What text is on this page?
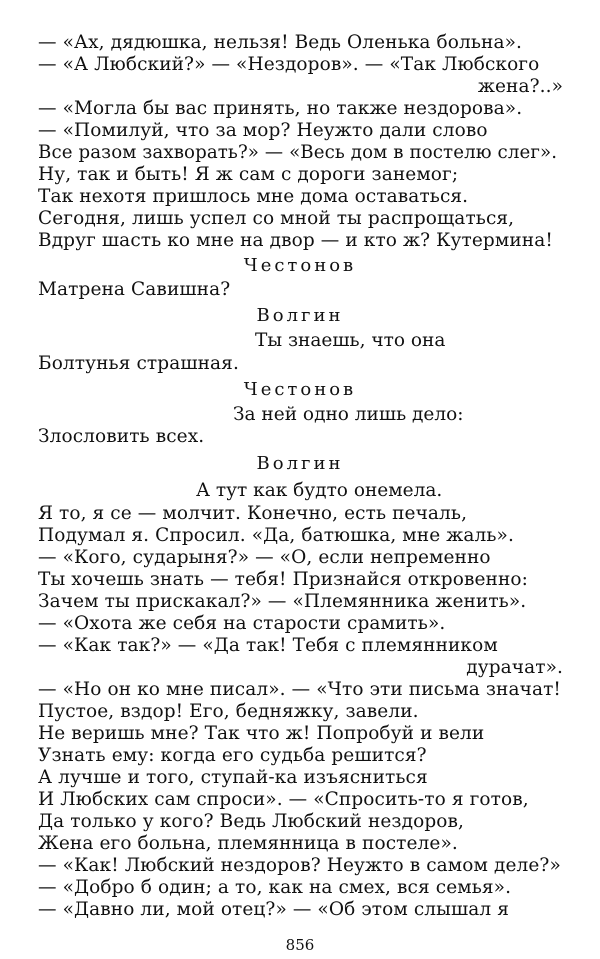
— «Ах, дядюшка, нельзя! Ведь Оленька больна».
— «А Любский?» — «Нездоров». — «Так Любского
жена?..»
— «Могла бы вас принять, но также нездорова».
— «Помилуй, что за мор? Неужто дали слово
Все разом захворать?» — «Весь дом в постелю слег».
Ну, так и быть! Я ж сам с дороги занемог;
Так нехотя пришлось мне дома оставаться.
Сегодня, лишь успел со мной ты распрощаться,
Вдруг шасть ко мне на двор — и кто ж? Кутермина!
Честонов
Матрена Савишна?
Волгин
Ты знаешь, что она
Болтунья страшная.
Честонов
За ней одно лишь дело:
Злословить всех.
Волгин
А тут как будто онемела.
Я то, я се — молчит. Конечно, есть печаль,
Подумал я. Спросил. «Да, батюшка, мне жаль».
— «Кого, сударыня?» — «О, если непременно
Ты хочешь знать — тебя! Признайся откровенно:
Зачем ты прискакал?» — «Племянника женить».
— «Охота же себя на старости срамить».
— «Как так?» — «Да так! Тебя с племянником
дурачат».
— «Но он ко мне писал». — «Что эти письма значат!
Пустое, вздор! Его, бедняжку, завели.
Не веришь мне? Так что ж! Попробуй и вели
Узнать ему: когда его судьба решится?
А лучше и того, ступай-ка изъясниться
И Любских сам спроси». — «Спросить-то я готов,
Да только у кого? Ведь Любский нездоров,
Жена его больна, племянница в постеле».
— «Как! Любский нездоров? Неужто в самом деле?»
— «Добро б один; а то, как на смех, вся семья».
— «Давно ли, мой отец?» — «Об этом слышал я
856
